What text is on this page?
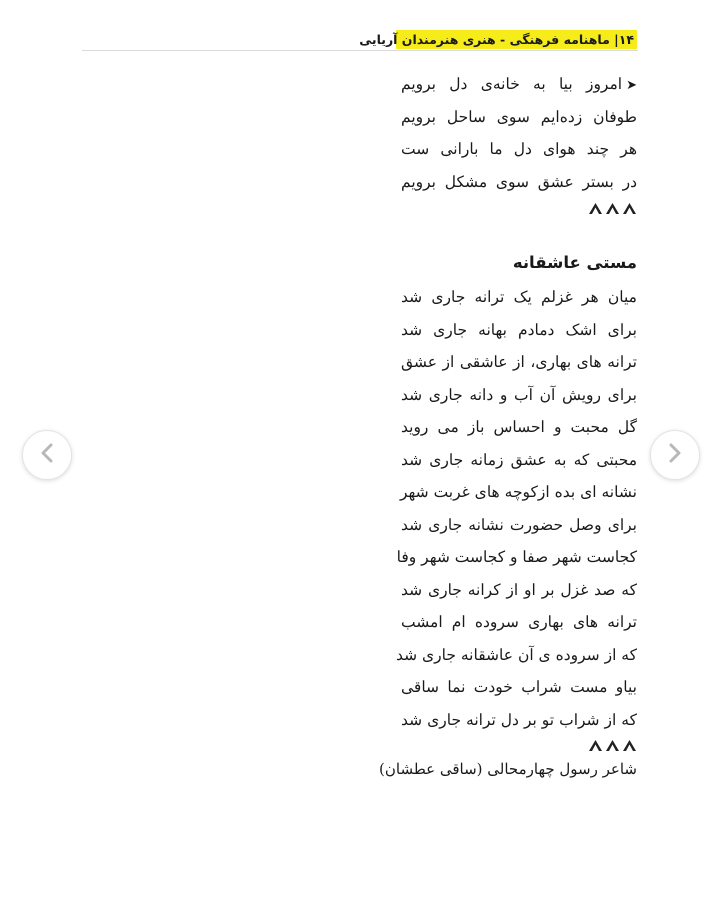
۱۴| ماهنامه فرهنگی - هنری هنرمندان آریایی
➤امروز بیا به خانه‌ی دل برویم
طوفان زده‌ایم سوی ساحل برویم
هر چند هوای دل ما بارانی ست
در بستر عشق سوی مشکل برویم
مستی عاشقانه
میان هر غزلم یک ترانه جاری شد
برای اشک دمادم بهانه جاری شد
ترانه های بهاری، از عاشقی از عشق
برای رویش آن آب و دانه جاری شد
گل محبت و احساس باز می روید
محبتی که به عشق زمانه جاری شد
نشانه ای بده ازکوچه های غربت شهر
برای وصل حضورت نشانه جاری شد
کجاست شهر صفا و کجاست شهر وفا
که صد غزل بر او از کرانه جاری شد
ترانه های بهاری سروده ام امشب
که از سروده ی آن عاشقانه جاری شد
بیاو مست شراب خودت نما ساقی
که از شراب تو بر دل ترانه جاری شد
شاعر رسول چهارمحالی (ساقی عطشان)
